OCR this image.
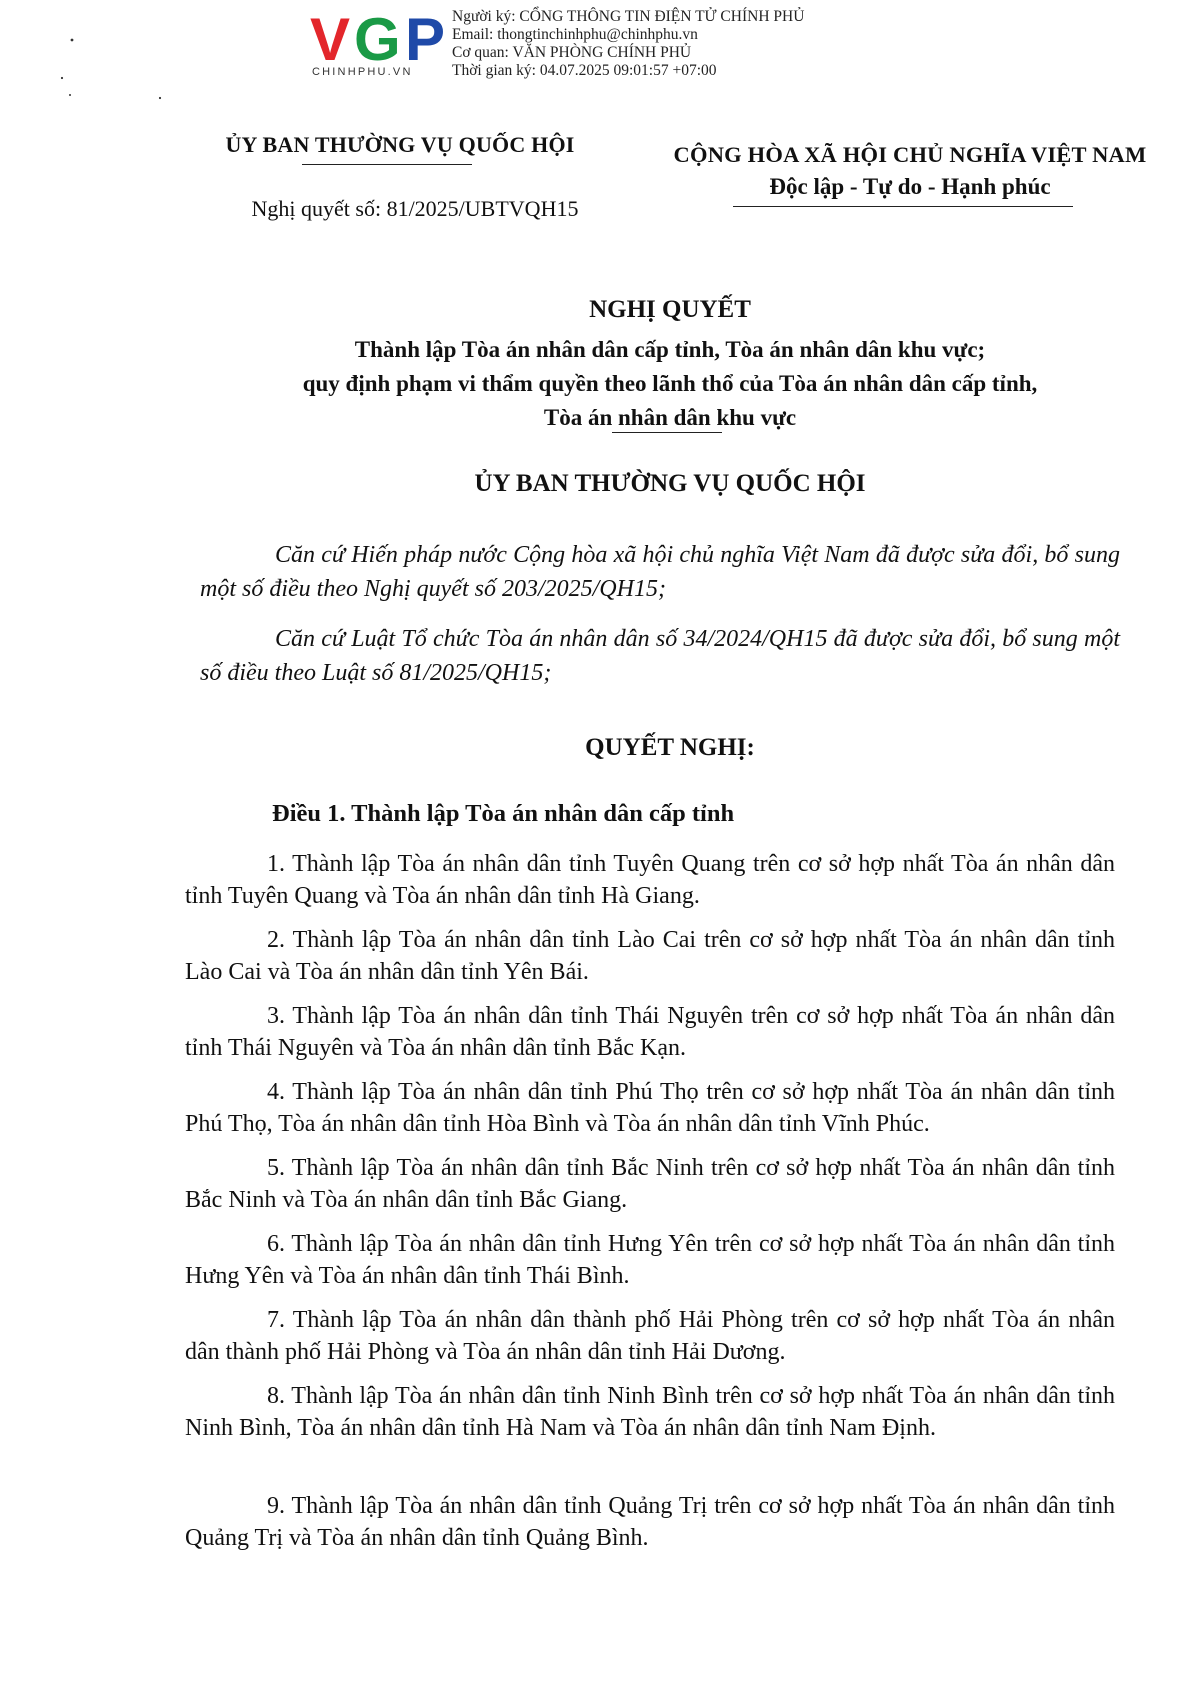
V G P
CHINHPHU.VN
Người ký: CỔNG THÔNG TIN ĐIỆN TỬ CHÍNH PHỦ
Email: thongtinchinhphu@chinhphu.vn
Cơ quan: VĂN PHÒNG CHÍNH PHỦ
Thời gian ký: 04.07.2025 09:01:57 +07:00
ỦY BAN THƯỜNG VỤ QUỐC HỘI
Nghị quyết số: 81/2025/UBTVQH15
CỘNG HÒA XÃ HỘI CHỦ NGHĨA VIỆT NAM
Độc lập - Tự do - Hạnh phúc
NGHỊ QUYẾT
Thành lập Tòa án nhân dân cấp tỉnh, Tòa án nhân dân khu vực;
quy định phạm vi thẩm quyền theo lãnh thổ của Tòa án nhân dân cấp tỉnh,
Tòa án nhân dân khu vực
ỦY BAN THƯỜNG VỤ QUỐC HỘI
Căn cứ Hiến pháp nước Cộng hòa xã hội chủ nghĩa Việt Nam đã được sửa đổi, bổ sung một số điều theo Nghị quyết số 203/2025/QH15;
Căn cứ Luật Tổ chức Tòa án nhân dân số 34/2024/QH15 đã được sửa đổi, bổ sung một số điều theo Luật số 81/2025/QH15;
QUYẾT NGHỊ:
Điều 1. Thành lập Tòa án nhân dân cấp tỉnh
1. Thành lập Tòa án nhân dân tỉnh Tuyên Quang trên cơ sở hợp nhất Tòa án nhân dân tỉnh Tuyên Quang và Tòa án nhân dân tỉnh Hà Giang.
2. Thành lập Tòa án nhân dân tỉnh Lào Cai trên cơ sở hợp nhất Tòa án nhân dân tỉnh Lào Cai và Tòa án nhân dân tỉnh Yên Bái.
3. Thành lập Tòa án nhân dân tỉnh Thái Nguyên trên cơ sở hợp nhất Tòa án nhân dân tỉnh Thái Nguyên và Tòa án nhân dân tỉnh Bắc Kạn.
4. Thành lập Tòa án nhân dân tỉnh Phú Thọ trên cơ sở hợp nhất Tòa án nhân dân tỉnh Phú Thọ, Tòa án nhân dân tỉnh Hòa Bình và Tòa án nhân dân tỉnh Vĩnh Phúc.
5. Thành lập Tòa án nhân dân tỉnh Bắc Ninh trên cơ sở hợp nhất Tòa án nhân dân tỉnh Bắc Ninh và Tòa án nhân dân tỉnh Bắc Giang.
6. Thành lập Tòa án nhân dân tỉnh Hưng Yên trên cơ sở hợp nhất Tòa án nhân dân tỉnh Hưng Yên và Tòa án nhân dân tỉnh Thái Bình.
7. Thành lập Tòa án nhân dân thành phố Hải Phòng trên cơ sở hợp nhất Tòa án nhân dân thành phố Hải Phòng và Tòa án nhân dân tỉnh Hải Dương.
8. Thành lập Tòa án nhân dân tỉnh Ninh Bình trên cơ sở hợp nhất Tòa án nhân dân tỉnh Ninh Bình, Tòa án nhân dân tỉnh Hà Nam và Tòa án nhân dân tỉnh Nam Định.
9. Thành lập Tòa án nhân dân tỉnh Quảng Trị trên cơ sở hợp nhất Tòa án nhân dân tỉnh Quảng Trị và Tòa án nhân dân tỉnh Quảng Bình.
